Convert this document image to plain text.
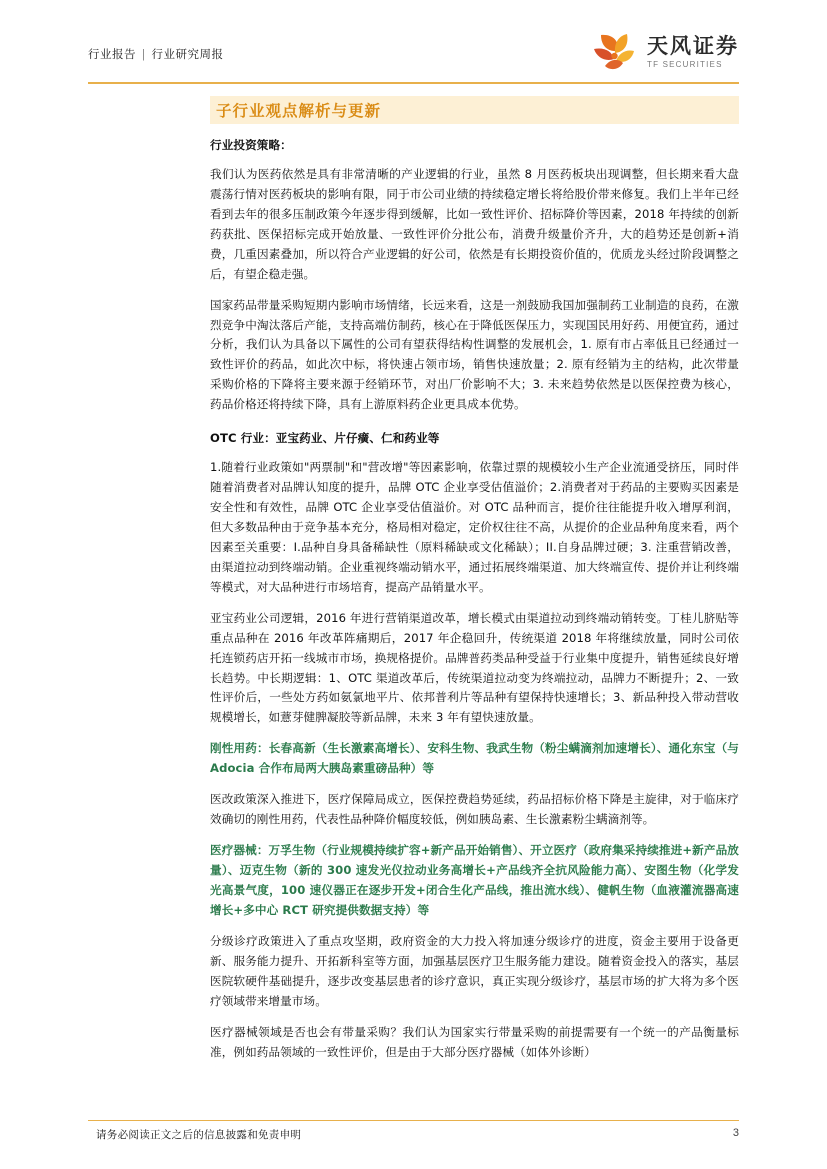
行业报告 | 行业研究周报	天风证券
TF SECURITIES
子行业观点解析与更新

行业投资策略：

我们认为医药依然是具有非常清晰的产业逻辑的行业，虽然 8 月医药板块出现调整，但长期来看大盘震荡行情对医药板块的影响有限，同于市公司业绩的持续稳定增长将给股价带来修复。我们上半年已经看到去年的很多压制政策今年逐步得到缓解，比如一致性评价、招标降价等因素，2018 年持续的创新药获批、医保招标完成开始放量、一致性评价分批公布，消费升级量价齐升，大的趋势还是创新+消费，几重因素叠加，所以符合产业逻辑的好公司，依然是有长期投资价值的，优质龙头经过阶段调整之后，有望企稳走强。

国家药品带量采购短期内影响市场情绪，长远来看，这是一剂鼓励我国加强制药工业制造的良药，在激烈竞争中淘汰落后产能，支持高端仿制药，核心在于降低医保压力，实现国民用好药、用便宜药，通过分析，我们认为具备以下属性的公司有望获得结构性调整的发展机会，1. 原有市占率低且已经通过一致性评价的药品，如此次中标，将快速占领市场，销售快速放量；2. 原有经销为主的结构，此次带量采购价格的下降将主要来源于经销环节，对出厂价影响不大；3. 未来趋势依然是以医保控费为核心，药品价格还将持续下降，具有上游原料药企业更具成本优势。

OTC 行业：亚宝药业、片仔癀、仁和药业等

1.随着行业政策如"两票制"和"营改增"等因素影响，依靠过票的规模较小生产企业流通受挤压，同时伴随着消费者对品牌认知度的提升，品牌 OTC 企业享受估值溢价；2.消费者对于药品的主要购买因素是安全性和有效性，品牌 OTC 企业享受估值溢价。对 OTC 品种而言，提价往往能提升收入增厚利润，但大多数品种由于竞争基本充分，格局相对稳定，定价权往往不高，从提价的企业品种角度来看，两个因素至关重要：I.品种自身具备稀缺性（原料稀缺或文化稀缺）；II.自身品牌过硬；3. 注重营销改善，由渠道拉动到终端动销。企业重视终端动销水平，通过拓展终端渠道、加大终端宣传、提价并让利终端等模式，对大品种进行市场培育，提高产品销量水平。

亚宝药业公司逻辑，2016 年进行营销渠道改革，增长模式由渠道拉动到终端动销转变。丁桂儿脐贴等重点品种在 2016 年改革阵痛期后，2017 年企稳回升，传统渠道 2018 年将继续放量，同时公司依托连锁药店开拓一线城市市场，换规格提价。品牌普药类品种受益于行业集中度提升，销售延续良好增长趋势。中长期逻辑：1、OTC 渠道改革后，传统渠道拉动变为终端拉动，品牌力不断提升；2、一致性评价后，一些处方药如氨氯地平片、依邦普利片等品种有望保持快速增长；3、新品种投入带动营收规模增长，如薏芽健脾凝胶等新品牌，未来 3 年有望快速放量。

刚性用药：长春高新（生长激素高增长）、安科生物、我武生物（粉尘螨滴剂加速增长）、通化东宝（与 Adocia 合作布局两大胰岛素重磅品种）等

医改政策深入推进下，医疗保障局成立，医保控费趋势延续，药品招标价格下降是主旋律，对于临床疗效确切的刚性用药，代表性品种降价幅度较低，例如胰岛素、生长激素粉尘螨滴剂等。

医疗器械：万孚生物（行业规模持续扩容+新产品开始销售）、开立医疗（政府集采持续推进+新产品放量）、迈克生物（新的 300 速发光仪拉动业务高增长+产品线齐全抗风险能力高）、安图生物（化学发光高景气度，100 速仪器正在逐步开发+闭合生化产品线，推出流水线）、健帆生物（血液灌流器高速增长+多中心 RCT 研究提供数据支持）等

分级诊疗政策进入了重点攻坚期，政府资金的大力投入将加速分级诊疗的进度，资金主要用于设备更新、服务能力提升、开拓新科室等方面，加强基层医疗卫生服务能力建设。随着资金投入的落实，基层医院软硬件基础提升，逐步改变基层患者的诊疗意识，真正实现分级诊疗，基层市场的扩大将为多个医疗领域带来增量市场。

医疗器械领域是否也会有带量采购？我们认为国家实行带量采购的前提需要有一个统一的产品衡量标准，例如药品领域的一致性评价，但是由于大部分医疗器械（如体外诊断）

请务必阅读正文之后的信息披露和免责申明	3
